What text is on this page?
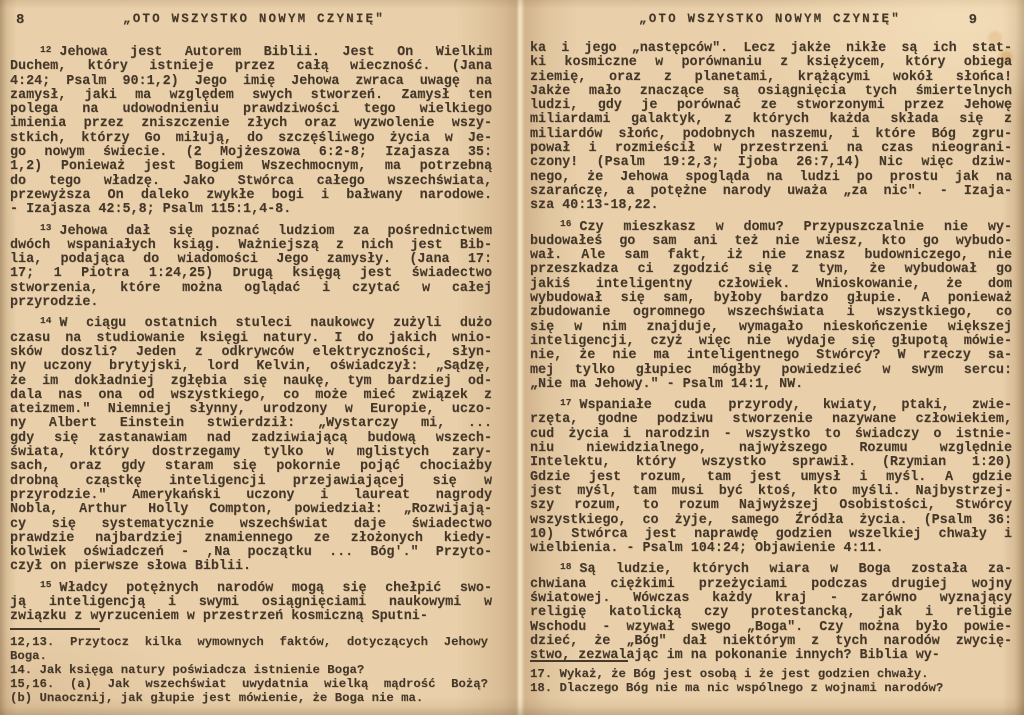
8	„OTO WSZYSTKO NOWYM CZYNIĘ"
$^{12}$ Jehowa jest Autorem Biblii. Jest On Wielkim
Duchem, który istnieje przez całą wieczność. (Jana
4:24; Psalm 90:1,2) Jego imię Jehowa zwraca uwagę na
zamysł, jaki ma względem swych stworzeń. Zamysł ten
polega na udowodnieniu prawdziwości tego wielkiego
imienia przez zniszczenie złych oraz wyzwolenie wszy-
stkich, którzy Go miłują, do szczęśliwego życia w Je-
go nowym świecie. (2 Mojżeszowa 6:2-8; Izajasza 35:
1,2) Ponieważ jest Bogiem Wszechmocnym, ma potrzebną
do tego władzę. Jako Stwórca całego wszechświata,
przewyższa On daleko zwykłe bogi i bałwany narodowe.
- Izajasza 42:5,8; Psalm 115:1,4-8.
$^{13}$ Jehowa dał się poznać ludziom za pośrednictwem
dwóch wspaniałych ksiąg. Ważniejszą z nich jest Bib-
lia, podająca do wiadomości Jego zamysły. (Jana 17:
17; 1 Piotra 1:24,25) Drugą księgą jest świadectwo
stworzenia, które można oglądać i czytać w całej
przyrodzie.
$^{14}$ W ciągu ostatnich stuleci naukowcy zużyli dużo
czasu na studiowanie księgi natury. I do jakich wnio-
sków doszli? Jeden z odkrywców elektryczności, słyn-
ny uczony brytyjski, lord Kelvin, oświadczył: „Sądzę,
że im dokładniej zgłębia się naukę, tym bardziej od-
dala nas ona od wszystkiego, co może mieć związek z
ateizmem." Niemniej słynny, urodzony w Europie, uczo-
ny Albert Einstein stwierdził: „Wystarczy mi, ...
gdy się zastanawiam nad zadziwiającą budową wszech-
świata, który dostrzegamy tylko w mglistych zary-
sach, oraz gdy staram się pokornie pojąć chociażby
drobną cząstkę inteligencji przejawiającej się w
przyrodzie." Amerykański uczony i laureat nagrody
Nobla, Arthur Holly Compton, powiedział: „Rozwijają-
cy się systematycznie wszechświat daje świadectwo
prawdzie najbardziej znamiennego ze złożonych kiedy-
kolwiek oświadczeń - ,Na początku ... Bóg'." Przyto-
czył on pierwsze słowa Biblii.
$^{15}$ Władcy potężnych narodów mogą się chełpić swo-
ją inteligencją i swymi osiągnięciami naukowymi w
związku z wyrzuceniem w przestrzeń kosmiczną Sputni-
12,13. Przytocz kilka wymownych faktów, dotyczących Jehowy
Boga.
14. Jak księga natury poświadcza istnienie Boga?
15,16. (a) Jak wszechświat uwydatnia wielką mądrość Bożą?
(b) Unaocznij, jak głupie jest mówienie, że Boga nie ma.
„OTO WSZYSTKO NOWYM CZYNIĘ"	9
ka i jego „następców". Lecz jakże nikłe są ich stat-
ki kosmiczne w porównaniu z księżycem, który obiega
ziemię, oraz z planetami, krążącymi wokół słońca!
Jakże mało znaczące są osiągnięcia tych śmiertelnych
ludzi, gdy je porównać ze stworzonymi przez Jehowę
miliardami galaktyk, z których każda składa się z
miliardów słońc, podobnych naszemu, i które Bóg zgru-
pował i rozmieścił w przestrzeni na czas nieograni-
czony! (Psalm 19:2,3; Ijoba 26:7,14) Nic więc dziw-
nego, że Jehowa spogląda na ludzi po prostu jak na
szarańczę, a potężne narody uważa „za nic". - Izaja-
sza 40:13-18,22.
$^{16}$ Czy mieszkasz w domu? Przypuszczalnie nie wy-
budowałeś go sam ani też nie wiesz, kto go wybudo-
wał. Ale sam fakt, iż nie znasz budowniczego, nie
przeszkadza ci zgodzić się z tym, że wybudował go
jakiś inteligentny człowiek. Wnioskowanie, że dom
wybudował się sam, byłoby bardzo głupie. A ponieważ
zbudowanie ogromnego wszechświata i wszystkiego, co
się w nim znajduje, wymagało nieskończenie większej
inteligencji, czyż więc nie wydaje się głupotą mówie-
nie, że nie ma inteligentnego Stwórcy? W rzeczy sa-
mej tylko głupiec mógłby powiedzieć w swym sercu:
„Nie ma Jehowy." - Psalm 14:1, NW.
$^{17}$ Wspaniałe cuda przyrody, kwiaty, ptaki, zwie-
rzęta, godne podziwu stworzenie nazywane człowiekiem,
cud życia i narodzin - wszystko to świadczy o istnie-
niu niewidzialnego, najwyższego Rozumu względnie
Intelektu, który wszystko sprawił. (Rzymian 1:20)
Gdzie jest rozum, tam jest umysł i myśl. A gdzie
jest myśl, tam musi być ktoś, kto myśli. Najbystrzej-
szy rozum, to rozum Najwyższej Osobistości, Stwórcy
wszystkiego, co żyje, samego Źródła życia. (Psalm 36:
10) Stwórca jest naprawdę godzien wszelkiej chwały i
wielbienia. - Psalm 104:24; Objawienie 4:11.
$^{18}$ Są ludzie, których wiara w Boga została za-
chwiana ciężkimi przeżyciami podczas drugiej wojny
światowej. Wówczas każdy kraj - zarówno wyznający
religię katolicką czy protestancką, jak i religie
Wschodu - wzywał swego „Boga". Czy można było powie-
dzieć, że „Bóg" dał niektórym z tych narodów zwycię-
stwo, zezwalając im na pokonanie innych? Biblia wy-
17. Wykaż, że Bóg jest osobą i że jest godzien chwały.
18. Dlaczego Bóg nie ma nic wspólnego z wojnami narodów?
